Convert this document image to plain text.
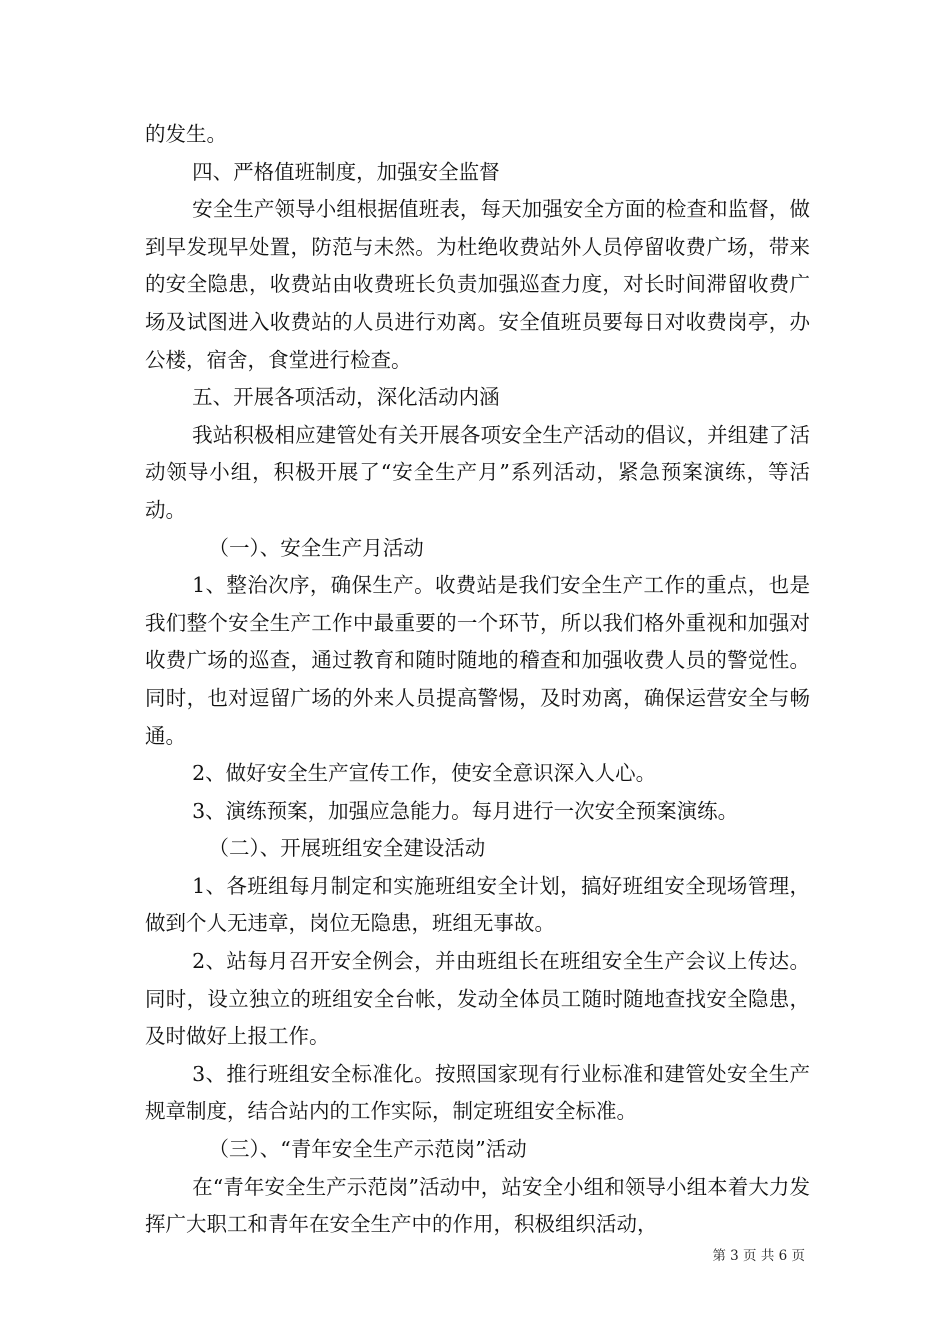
的发生。

四、严格值班制度，加强安全监督

安全生产领导小组根据值班表，每天加强安全方面的检查和监督，做到早发现早处置，防范与未然。为杜绝收费站外人员停留收费广场，带来的安全隐患，收费站由收费班长负责加强巡查力度，对长时间滞留收费广场及试图进入收费站的人员进行劝离。安全值班员要每日对收费岗亭，办公楼，宿舍，食堂进行检查。

五、开展各项活动，深化活动内涵

我站积极相应建管处有关开展各项安全生产活动的倡议，并组建了活动领导小组，积极开展了“安全生产月”系列活动，紧急预案演练，等活动。

（一）、安全生产月活动

1、整治次序，确保生产。收费站是我们安全生产工作的重点，也是我们整个安全生产工作中最重要的一个环节，所以我们格外重视和加强对收费广场的巡查，通过教育和随时随地的稽查和加强收费人员的警觉性。同时，也对逗留广场的外来人员提高警惕，及时劝离，确保运营安全与畅通。

2、做好安全生产宣传工作，使安全意识深入人心。

3、演练预案，加强应急能力。每月进行一次安全预案演练。

（二）、开展班组安全建设活动

1、各班组每月制定和实施班组安全计划，搞好班组安全现场管理，做到个人无违章，岗位无隐患，班组无事故。

2、站每月召开安全例会，并由班组长在班组安全生产会议上传达。同时，设立独立的班组安全台帐，发动全体员工随时随地查找安全隐患，及时做好上报工作。

3、推行班组安全标准化。按照国家现有行业标准和建管处安全生产规章制度，结合站内的工作实际，制定班组安全标准。

（三）、“青年安全生产示范岗”活动

在“青年安全生产示范岗”活动中，站安全小组和领导小组本着大力发挥广大职工和青年在安全生产中的作用，积极组织活动，

第 3 页 共 6 页
